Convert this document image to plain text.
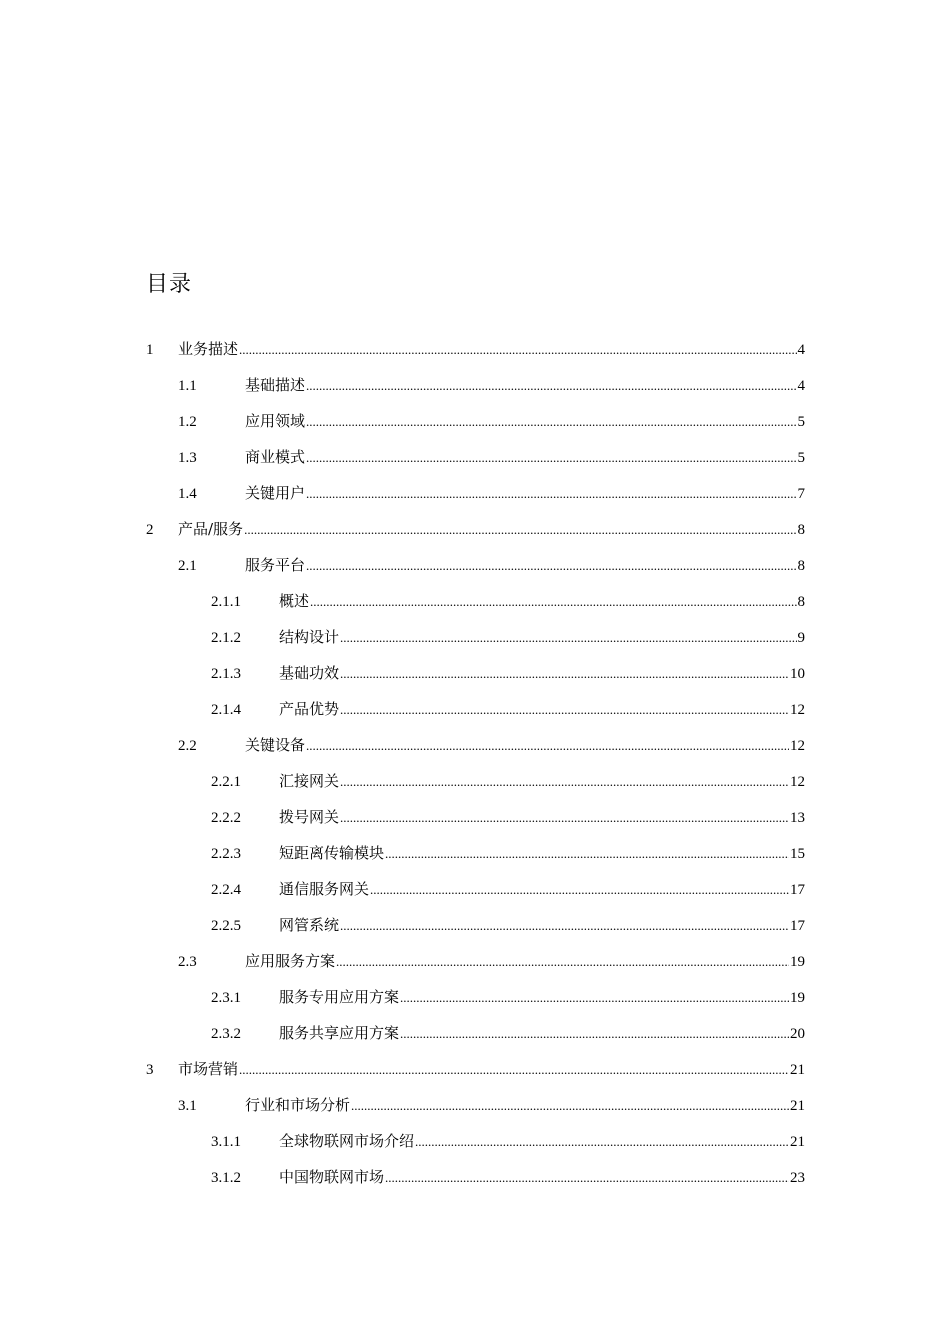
目录
1	业务描述 .....	4
1.1	基础描述 .....	4
1.2	应用领域 .....	5
1.3	商业模式 .....	5
1.4	关键用户 .....	7
2	产品/服务 .....	8
2.1	服务平台 .....	8
2.1.1	概述 .....	8
2.1.2	结构设计 .....	9
2.1.3	基础功效 .....	10
2.1.4	产品优势 .....	12
2.2	关键设备 .....	12
2.2.1	汇接网关 .....	12
2.2.2	拨号网关 .....	13
2.2.3	短距离传输模块 .....	15
2.2.4	通信服务网关 .....	17
2.2.5	网管系统 .....	17
2.3	应用服务方案 .....	19
2.3.1	服务专用应用方案 .....	19
2.3.2	服务共享应用方案 .....	20
3	市场营销 .....	21
3.1	行业和市场分析 .....	21
3.1.1	全球物联网市场介绍 .....	21
3.1.2	中国物联网市场 .....	23
